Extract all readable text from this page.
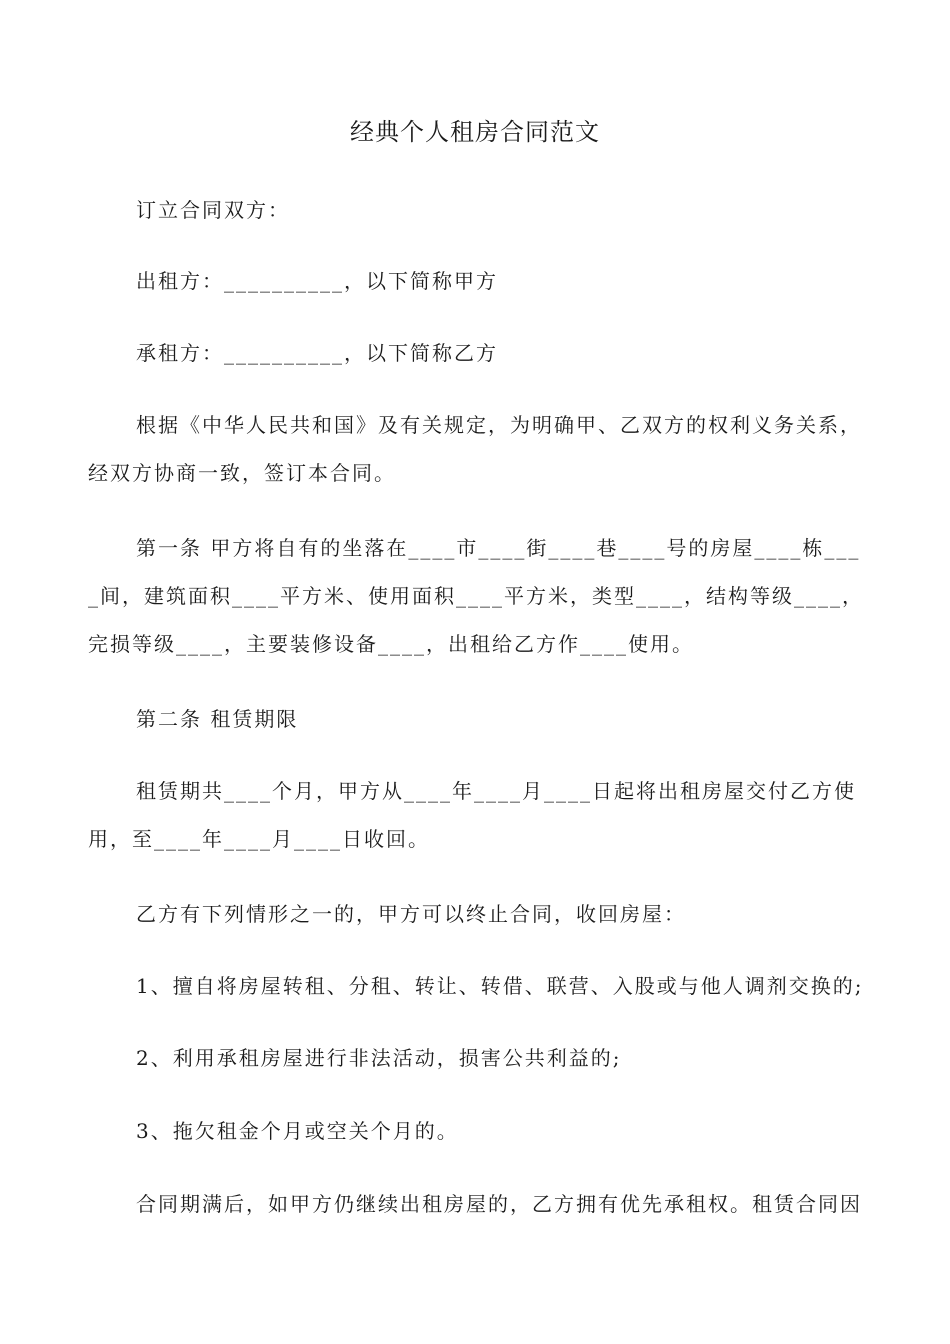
经典个人租房合同范文

订立合同双方：

出租方：__________，以下简称甲方

承租方：__________，以下简称乙方

根据《中华人民共和国》及有关规定，为明确甲、乙双方的权利义务关系，经双方协商一致，签订本合同。

第一条 甲方将自有的坐落在____市____街____巷____号的房屋____栋____间，建筑面积____平方米、使用面积____平方米，类型____，结构等级____，完损等级____，主要装修设备____，出租给乙方作____使用。

第二条 租赁期限

租赁期共____个月，甲方从____年____月____日起将出租房屋交付乙方使用，至____年____月____日收回。

乙方有下列情形之一的，甲方可以终止合同，收回房屋：

1、擅自将房屋转租、分租、转让、转借、联营、入股或与他人调剂交换的;

2、利用承租房屋进行非法活动，损害公共利益的;

3、拖欠租金个月或空关个月的。

合同期满后，如甲方仍继续出租房屋的，乙方拥有优先承租权。租赁合同因
